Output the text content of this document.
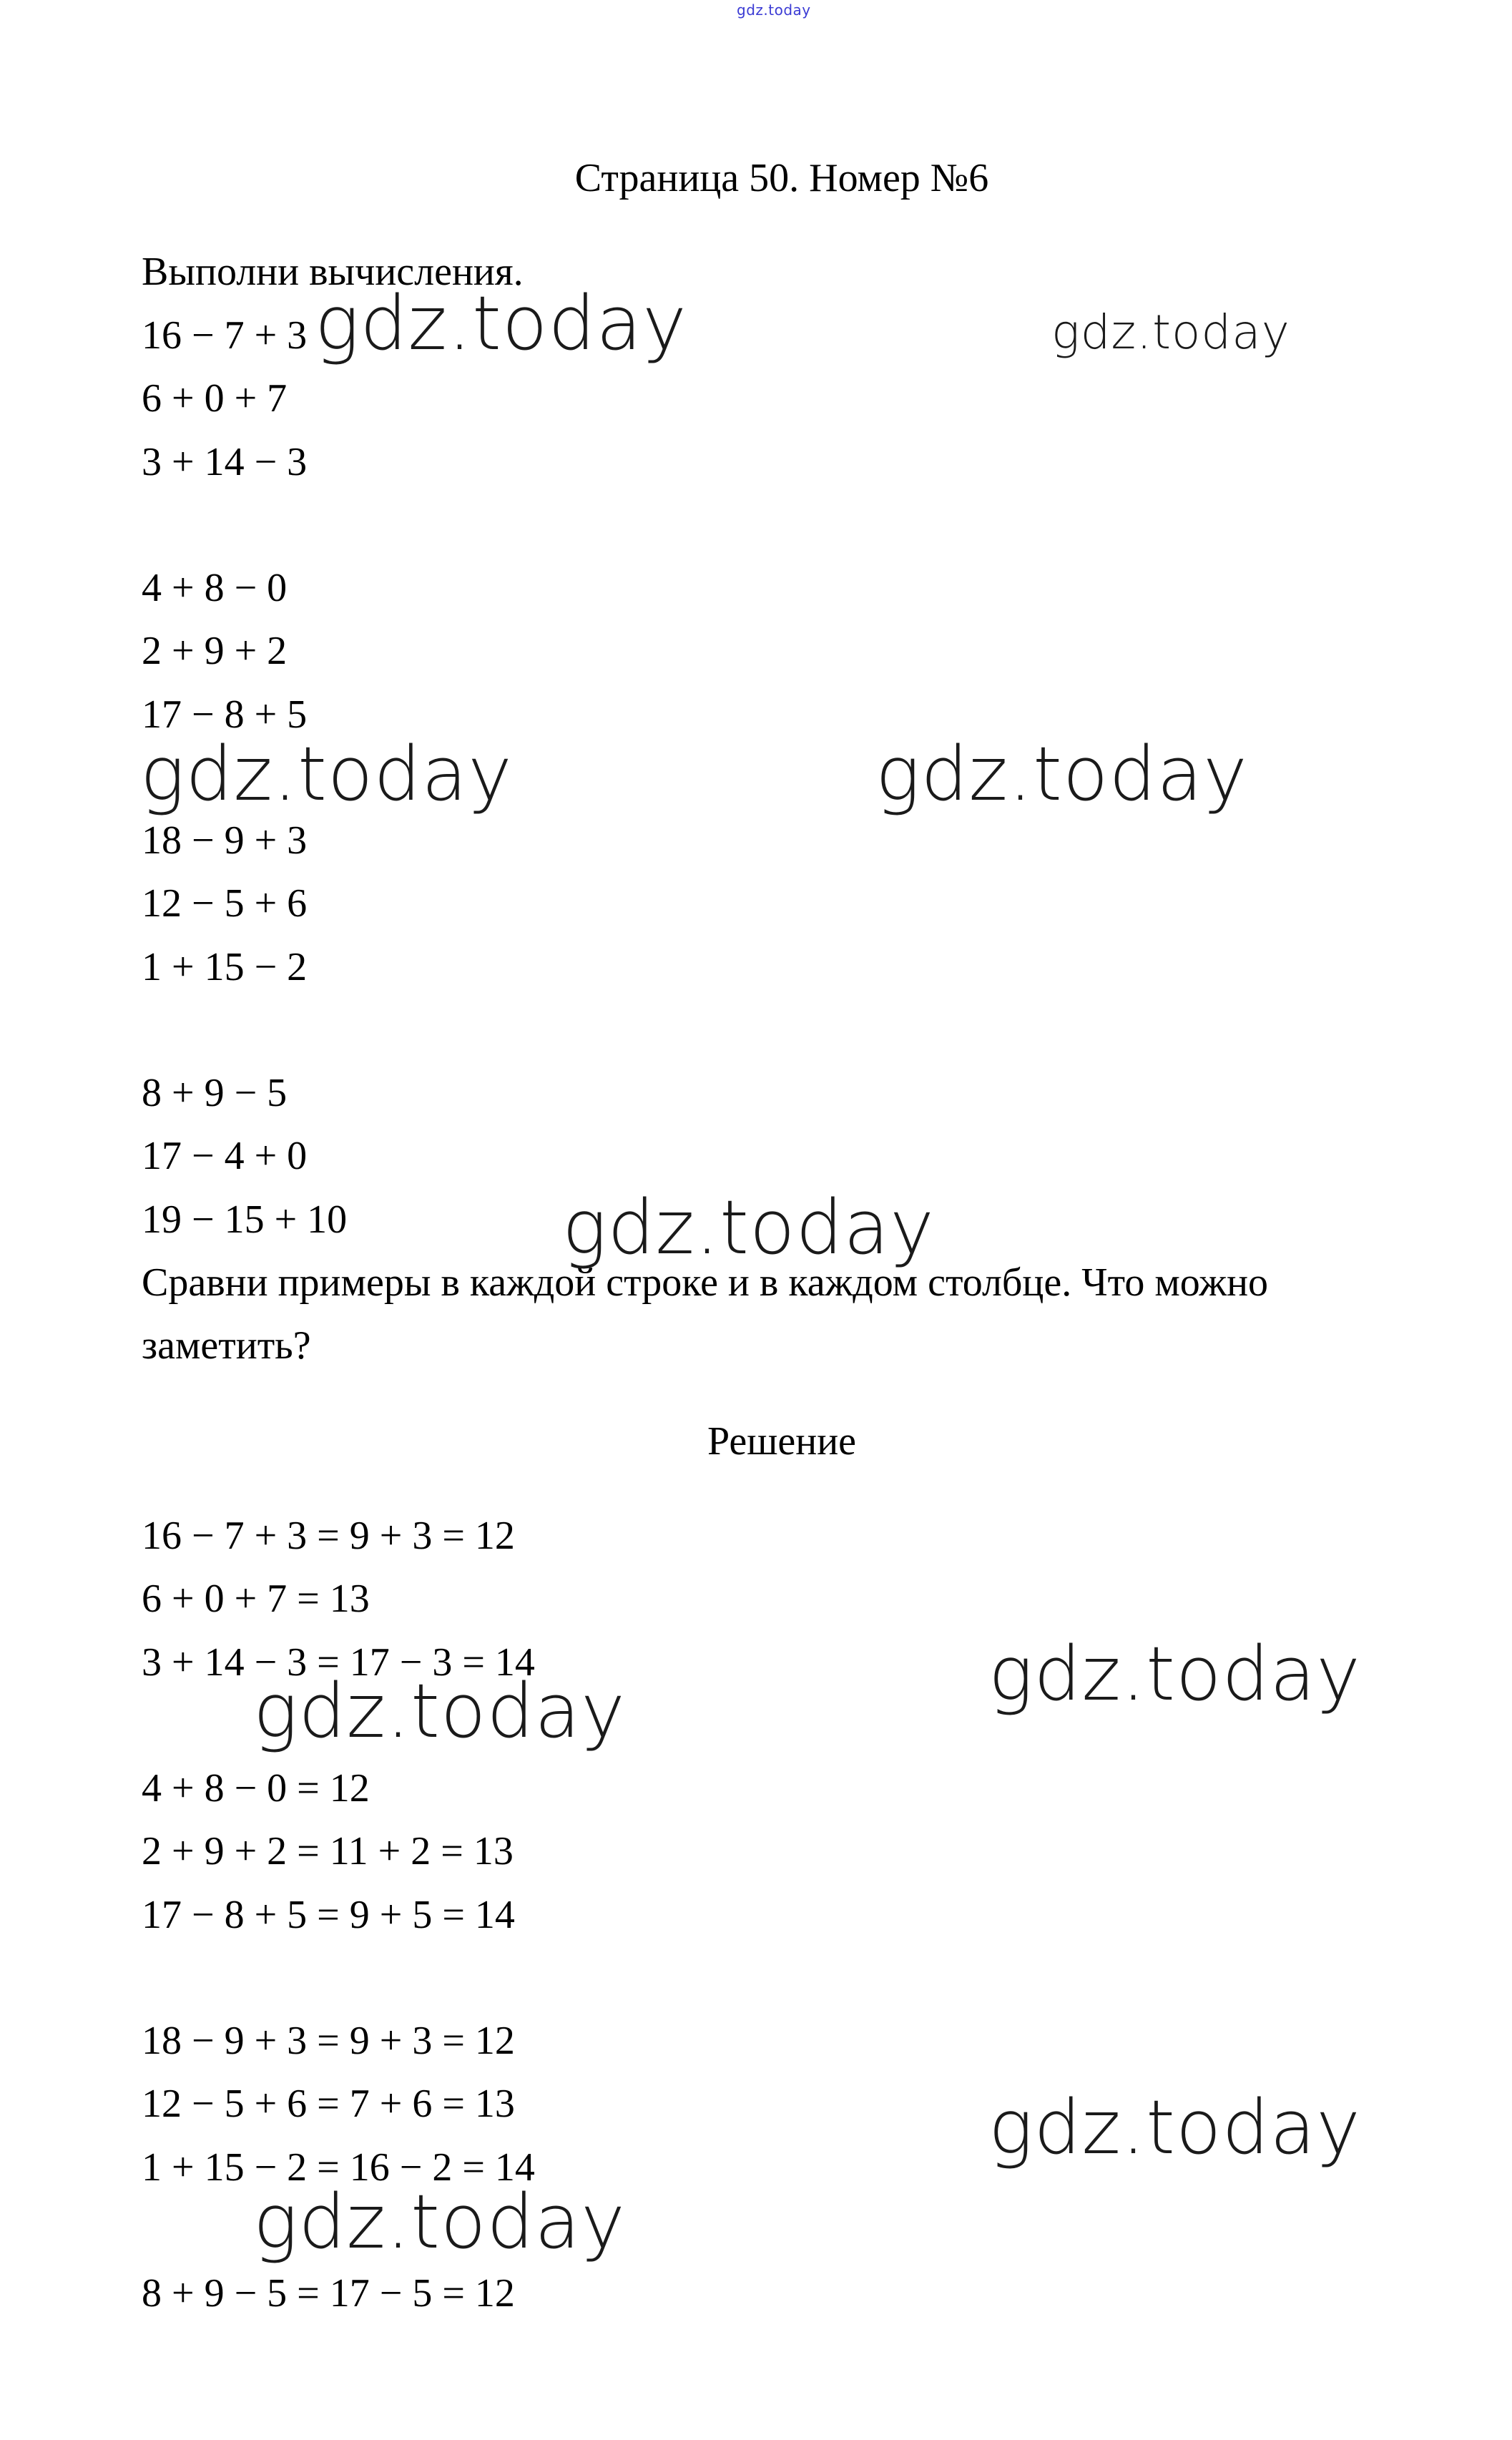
gdz.today
Страница 50. Номер №6
Выполни вычисления.
16 − 7 + 3
6 + 0 + 7
3 + 14 − 3
4 + 8 − 0
2 + 9 + 2
17 − 8 + 5
18 − 9 + 3
12 − 5 + 6
1 + 15 − 2
8 + 9 − 5
17 − 4 + 0
19 − 15 + 10
Сравни примеры в каждой строке и в каждом столбце. Что можно
заметить?
Решение
16 − 7 + 3 = 9 + 3 = 12
6 + 0 + 7 = 13
3 + 14 − 3 = 17 − 3 = 14
4 + 8 − 0 = 12
2 + 9 + 2 = 11 + 2 = 13
17 − 8 + 5 = 9 + 5 = 14
18 − 9 + 3 = 9 + 3 = 12
12 − 5 + 6 = 7 + 6 = 13
1 + 15 − 2 = 16 − 2 = 14
8 + 9 − 5 = 17 − 5 = 12
gdz.today	gdz.today
gdz.today	gdz.today
gdz.today
gdz.today
gdz.today
gdz.today
gdz.today
